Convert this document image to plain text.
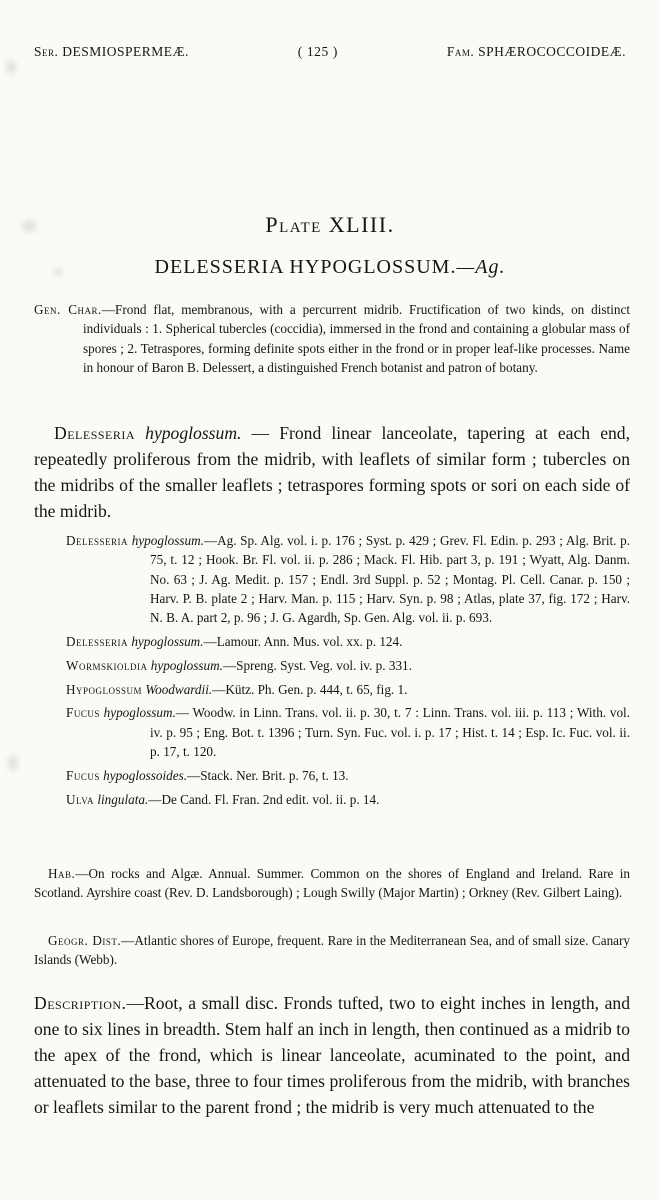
Ser. DESMIOSPERMEÆ.	( 125 )	Fam. SPHÆROCOCCOIDEÆ.
Plate XLIII.
DELESSERIA HYPOGLOSSUM.—Ag.
Gen. Char.—Frond flat, membranous, with a percurrent midrib. Fructification of two kinds, on distinct individuals : 1. Spherical tubercles (coccidia), immersed in the frond and containing a globular mass of spores ; 2. Tetraspores, forming definite spots either in the frond or in proper leaf-like processes. Name in honour of Baron B. Delessert, a distinguished French botanist and patron of botany.
Delesseria hypoglossum. — Frond linear lanceolate, tapering at each end, repeatedly proliferous from the midrib, with leaflets of similar form ; tubercles on the midribs of the smaller leaflets ; tetraspores forming spots or sori on each side of the midrib.
Delesseria hypoglossum.—Ag. Sp. Alg. vol. i. p. 176 ; Syst. p. 429 ; Grev. Fl. Edin. p. 293 ; Alg. Brit. p. 75, t. 12 ; Hook. Br. Fl. vol. ii. p. 286 ; Mack. Fl. Hib. part 3, p. 191 ; Wyatt, Alg. Danm. No. 63 ; J. Ag. Medit. p. 157 ; Endl. 3rd Suppl. p. 52 ; Montag. Pl. Cell. Canar. p. 150 ; Harv. P. B. plate 2 ; Harv. Man. p. 115 ; Harv. Syn. p. 98 ; Atlas, plate 37, fig. 172 ; Harv. N. B. A. part 2, p. 96 ; J. G. Agardh, Sp. Gen. Alg. vol. ii. p. 693.
Delesseria hypoglossum.—Lamour. Ann. Mus. vol. xx. p. 124.
Wormskioldia hypoglossum.—Spreng. Syst. Veg. vol. iv. p. 331.
Hypoglossum Woodwardii.—Kütz. Ph. Gen. p. 444, t. 65, fig. 1.
Fucus hypoglossum.— Woodw. in Linn. Trans. vol. ii. p. 30, t. 7 : Linn. Trans. vol. iii. p. 113 ; With. vol. iv. p. 95 ; Eng. Bot. t. 1396 ; Turn. Syn. Fuc. vol. i. p. 17 ; Hist. t. 14 ; Esp. Ic. Fuc. vol. ii. p. 17, t. 120.
Fucus hypoglossoides.—Stack. Ner. Brit. p. 76, t. 13.
Ulva lingulata.—De Cand. Fl. Fran. 2nd edit. vol. ii. p. 14.
Hab.—On rocks and Algæ. Annual. Summer. Common on the shores of England and Ireland. Rare in Scotland. Ayrshire coast (Rev. D. Landsborough) ; Lough Swilly (Major Martin) ; Orkney (Rev. Gilbert Laing).
Geogr. Dist.—Atlantic shores of Europe, frequent. Rare in the Mediterranean Sea, and of small size. Canary Islands (Webb).
Description.—Root, a small disc. Fronds tufted, two to eight inches in length, and one to six lines in breadth. Stem half an inch in length, then continued as a midrib to the apex of the frond, which is linear lanceolate, acuminated to the point, and attenuated to the base, three to four times proliferous from the midrib, with branches or leaflets similar to the parent frond ; the midrib is very much attenuated to the
